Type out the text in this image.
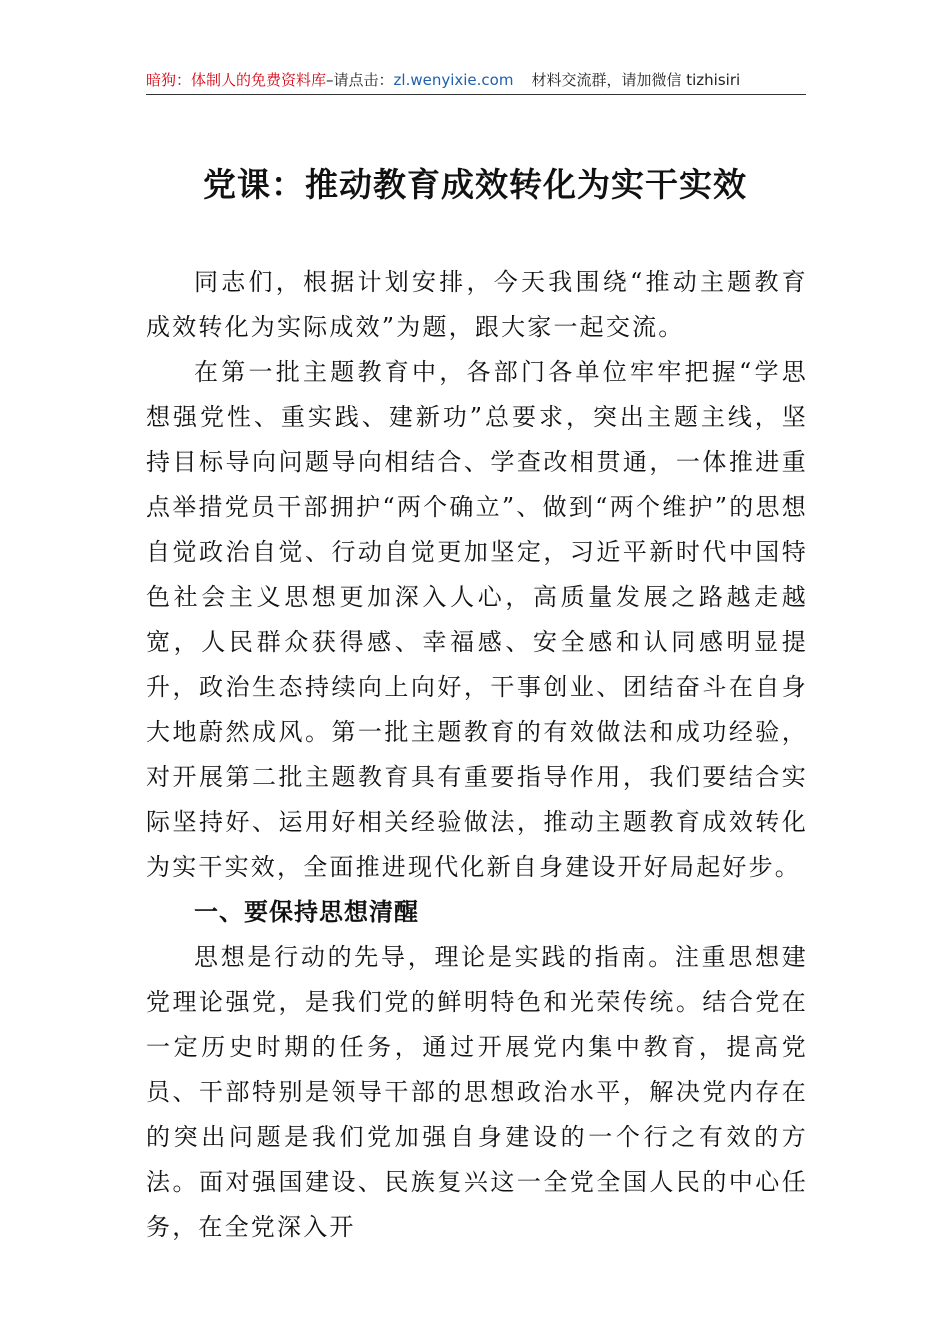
暗狗：体制人的免费资料库–请点击：zl.wenyixie.com 材料交流群，请加微信 tizhisiri
党课：推动教育成效转化为实干实效

同志们，根据计划安排，今天我围绕“推动主题教育成效转化为实际成效”为题，跟大家一起交流。

在第一批主题教育中，各部门各单位牢牢把握“学思想强党性、重实践、建新功”总要求，突出主题主线，坚持目标导向问题导向相结合、学查改相贯通，一体推进重点举措党员干部拥护“两个确立”、做到“两个维护”的思想自觉政治自觉、行动自觉更加坚定，习近平新时代中国特色社会主义思想更加深入人心，高质量发展之路越走越宽，人民群众获得感、幸福感、安全感和认同感明显提升，政治生态持续向上向好，干事创业、团结奋斗在自身大地蔚然成风。第一批主题教育的有效做法和成功经验，对开展第二批主题教育具有重要指导作用，我们要结合实际坚持好、运用好相关经验做法，推动主题教育成效转化为实干实效，全面推进现代化新自身建设开好局起好步。

一、要保持思想清醒

思想是行动的先导，理论是实践的指南。注重思想建党理论强党，是我们党的鲜明特色和光荣传统。结合党在一定历史时期的任务，通过开展党内集中教育，提高党员、干部特别是领导干部的思想政治水平，解决党内存在的突出问题是我们党加强自身建设的一个行之有效的方法。面对强国建设、民族复兴这一全党全国人民的中心任务，在全党深入开
